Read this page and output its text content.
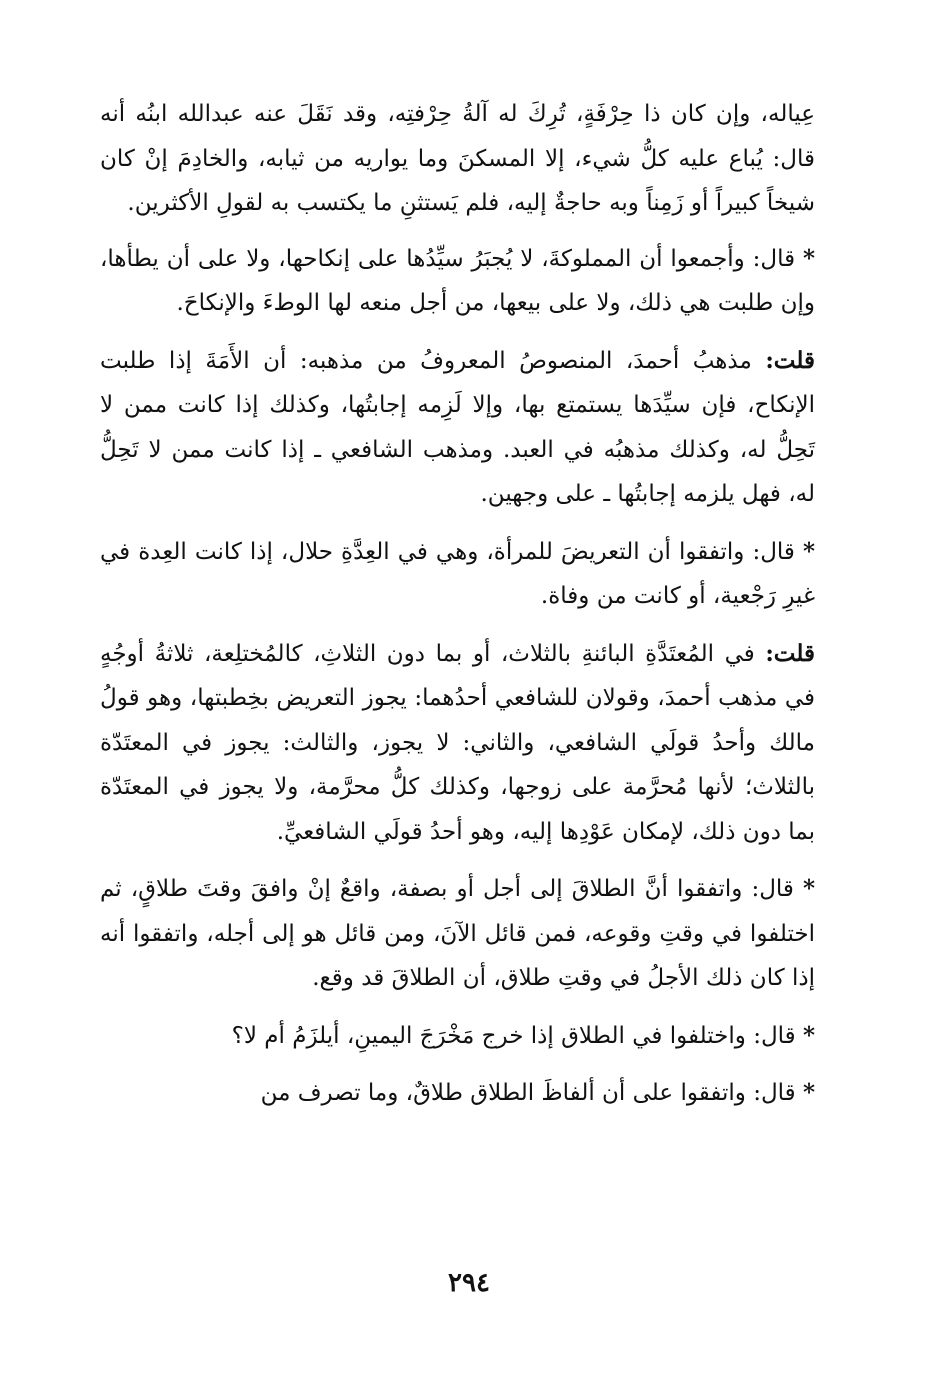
عِياله، وإن كان ذا حِرْفَةٍ، تُرِكَ له آلةُ حِرْفتِه، وقد نَقَلَ عنه عبدالله ابنُه أنه قال: يُباع عليه كلُّ شيء، إلا المسكنَ وما يواريه من ثيابه، والخادِمَ إنْ كان شيخاً كبيراً أو زَمِناً وبه حاجةٌ إليه، فلم يَستثنِ ما يكتسب به لقولِ الأكثرين.

* قال: وأجمعوا أن المملوكةَ، لا يُجبَرُ سيِّدُها على إنكاحها، ولا على أن يطأها، وإن طلبت هي ذلك، ولا على بيعها، من أجل منعه لها الوطءَ والإنكاحَ.

قلت: مذهبُ أحمدَ، المنصوصُ المعروفُ من مذهبه: أن الأَمَةَ إذا طلبت الإنكاح، فإن سيِّدَها يستمتع بها، وإلا لَزِمه إجابتُها، وكذلك إذا كانت ممن لا تَحِلُّ له، وكذلك مذهبُه في العبد. ومذهب الشافعي ـ إذا كانت ممن لا تَحِلُّ له، فهل يلزمه إجابتُها ـ على وجهين.

* قال: واتفقوا أن التعريضَ للمرأة، وهي في العِدَّةِ حلال، إذا كانت العِدة في غيرِ رَجْعية، أو كانت من وفاة.

قلت: في المُعتَدَّةِ البائنةِ بالثلاث، أو بما دون الثلاثِ، كالمُختلِعة، ثلاثةُ أوجُهٍ في مذهب أحمدَ، وقولان للشافعي أحدُهما: يجوز التعريض بخِطبتها، وهو قولُ مالك وأحدُ قولَي الشافعي، والثاني: لا يجوز، والثالث: يجوز في المعتَدّة بالثلاث؛ لأنها مُحرَّمة على زوجها، وكذلك كلُّ محرَّمة، ولا يجوز في المعتَدّة بما دون ذلك، لإمكان عَوْدِها إليه، وهو أحدُ قولَي الشافعيِّ.

* قال: واتفقوا أنَّ الطلاقَ إلى أجل أو بصفة، واقعٌ إنْ وافقَ وقتَ طلاقٍ، ثم اختلفوا في وقتِ وقوعه، فمن قائل الآنَ، ومن قائل هو إلى أجله، واتفقوا أنه إذا كان ذلك الأجلُ في وقتِ طلاق، أن الطلاقَ قد وقع.

* قال: واختلفوا في الطلاق إذا خرج مَخْرَجَ اليمينِ، أيلزَمُ أم لا؟

* قال: واتفقوا على أن ألفاظَ الطلاق طلاقٌ، وما تصرف من

٢٩٤
